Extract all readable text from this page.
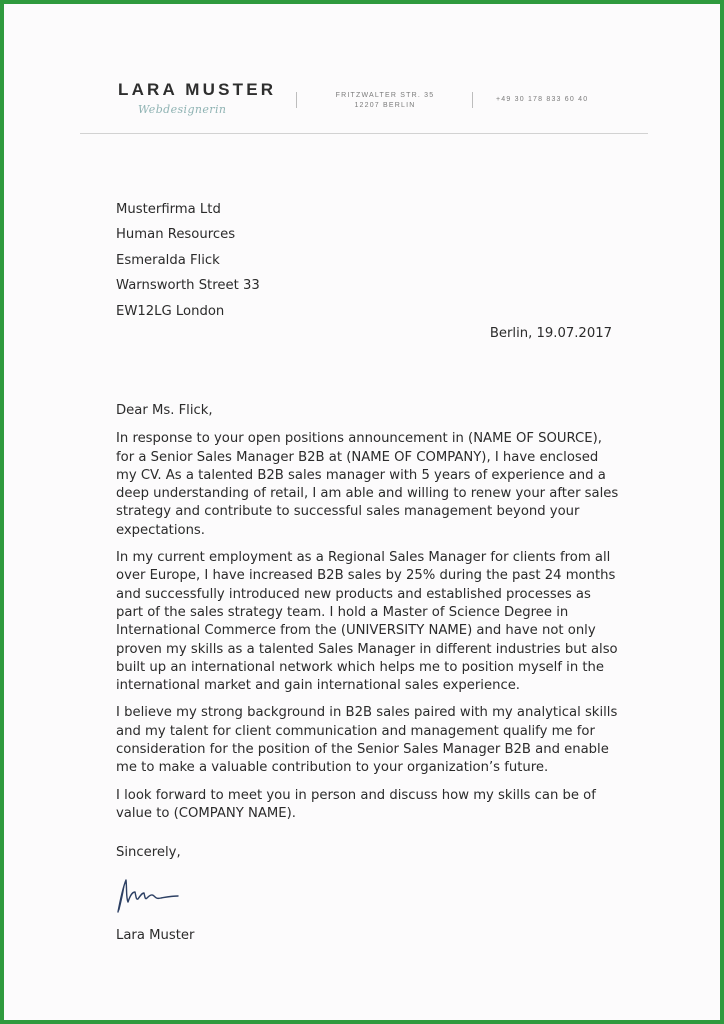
LARA MUSTER
Webdesignerin
FRITZWALTER STR. 35
12207 BERLIN
+49 30 178 833 60 40
Musterfirma Ltd
Human Resources
Esmeralda Flick
Warnsworth Street 33
EW12LG London
Berlin, 19.07.2017
Dear Ms. Flick,

In response to your open positions announcement in (NAME OF SOURCE), for a Senior Sales Manager B2B at (NAME OF COMPANY), I have enclosed my CV. As a talented B2B sales manager with 5 years of experience and a deep understanding of retail, I am able and willing to renew your after sales strategy and contribute to successful sales management beyond your expectations.

In my current employment as a Regional Sales Manager for clients from all over Europe, I have increased B2B sales by 25% during the past 24 months and successfully introduced new products and established processes as part of the sales strategy team. I hold a Master of Science Degree in International Commerce from the (UNIVERSITY NAME) and have not only proven my skills as a talented Sales Manager in different industries but also built up an international network which helps me to position myself in the international market and gain international sales experience.

I believe my strong background in B2B sales paired with my analytical skills and my talent for client communication and management qualify me for consideration for the position of the Senior Sales Manager B2B and enable me to make a valuable contribution to your organization’s future.

I look forward to meet you in person and discuss how my skills can be of value to (COMPANY NAME).

Sincerely,
Lara Muster
